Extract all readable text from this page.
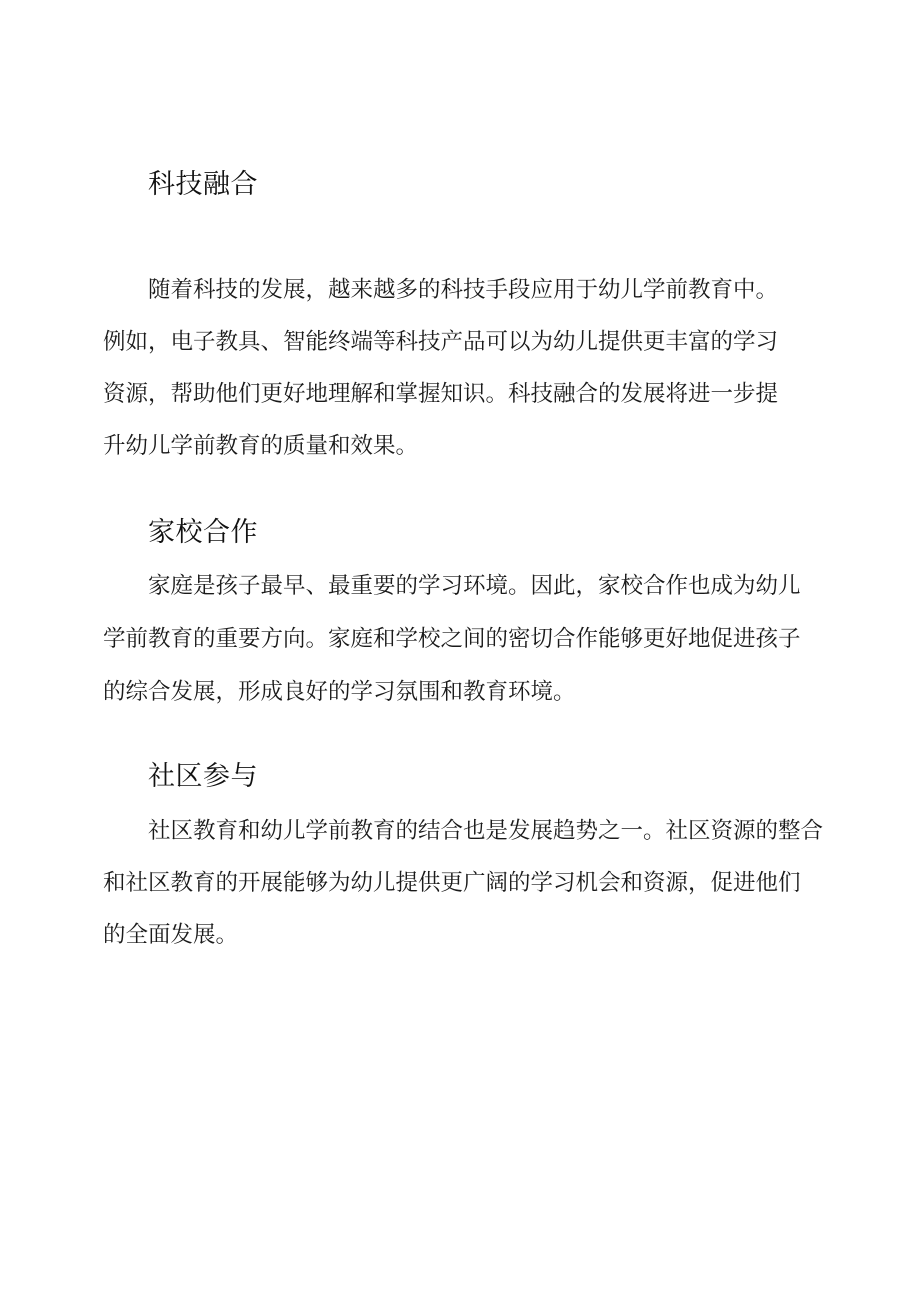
科技融合

　　随着科技的发展，越来越多的科技手段应用于幼儿学前教育中。
例如，电子教具、智能终端等科技产品可以为幼儿提供更丰富的学习
资源，帮助他们更好地理解和掌握知识。科技融合的发展将进一步提
升幼儿学前教育的质量和效果。

家校合作

　　家庭是孩子最早、最重要的学习环境。因此，家校合作也成为幼儿
学前教育的重要方向。家庭和学校之间的密切合作能够更好地促进孩子
的综合发展，形成良好的学习氛围和教育环境。

社区参与

　　社区教育和幼儿学前教育的结合也是发展趋势之一。社区资源的整合
和社区教育的开展能够为幼儿提供更广阔的学习机会和资源，促进他们
的全面发展。
